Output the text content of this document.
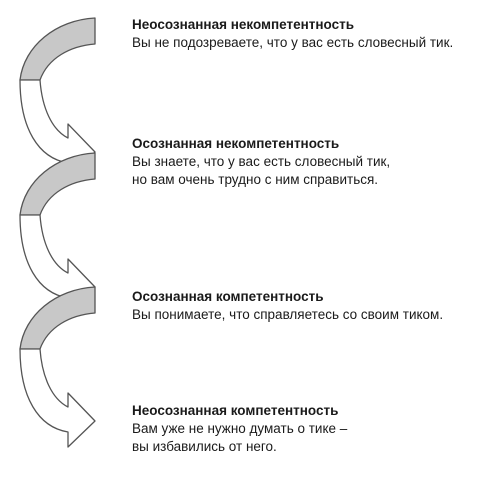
Неосознанная некомпетентность
Вы не подозреваете, что у вас есть словесный тик.
Осознанная некомпетентность
Вы знаете, что у вас есть словесный тик,
но вам очень трудно с ним справиться.
Осознанная компетентность
Вы понимаете, что справляетесь со своим тиком.
Неосознанная компетентность
Вам уже не нужно думать о тике –
вы избавились от него.
